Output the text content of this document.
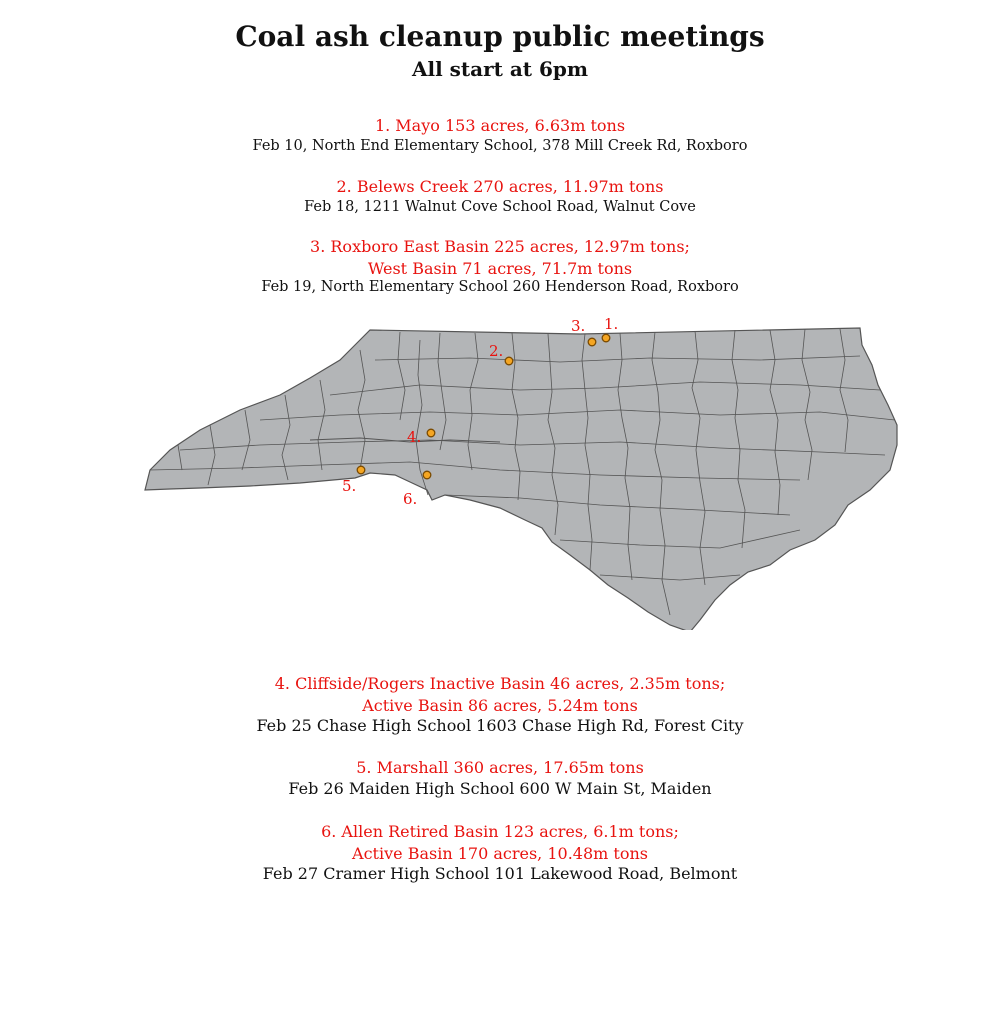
Coal ash cleanup public meetings
All start at 6pm
1. Mayo 153 acres, 6.63m tons
Feb 10, North End Elementary School, 378 Mill Creek Rd, Roxboro
2. Belews Creek 270 acres, 11.97m tons
Feb 18, 1211 Walnut Cove School Road, Walnut Cove
3. Roxboro East Basin 225 acres, 12.97m tons;
West Basin 71 acres, 71.7m tons
Feb 19, North Elementary School 260 Henderson Road, Roxboro
1.
2.
3.
4.
5.
6.
4. Cliffside/Rogers Inactive Basin 46 acres, 2.35m tons;
Active Basin 86 acres, 5.24m tons
Feb 25 Chase High School 1603 Chase High Rd, Forest City
5. Marshall 360 acres, 17.65m tons
Feb 26 Maiden High School 600 W Main St, Maiden
6. Allen Retired Basin 123 acres, 6.1m tons;
Active Basin 170 acres, 10.48m tons
Feb 27 Cramer High School 101 Lakewood Road, Belmont
